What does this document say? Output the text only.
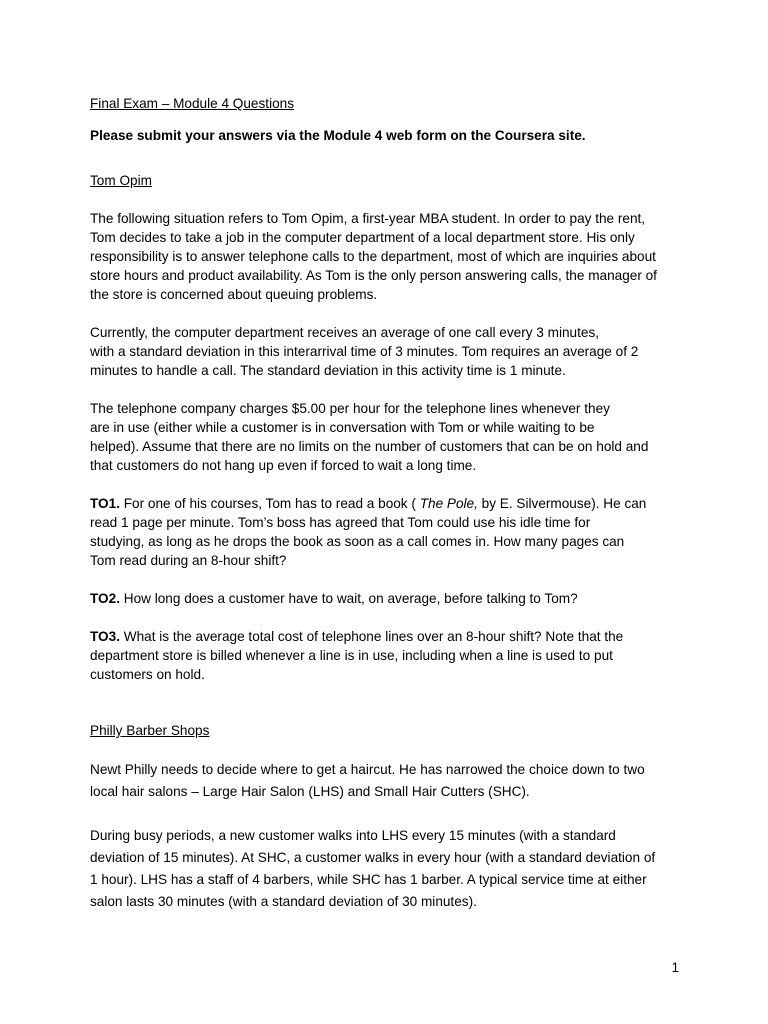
Final Exam – Module 4 Questions
Please submit your answers via the Module 4 web form on the Coursera site.
Tom Opim
The following situation refers to Tom Opim, a first-year MBA student. In order to pay the rent,
Tom decides to take a job in the computer department of a local department store. His only
responsibility is to answer telephone calls to the department, most of which are inquiries about
store hours and product availability. As Tom is the only person answering calls, the manager of
the store is concerned about queuing problems.
Currently, the computer department receives an average of one call every 3 minutes,
with a standard deviation in this interarrival time of 3 minutes. Tom requires an average of 2
minutes to handle a call. The standard deviation in this activity time is 1 minute.
The telephone company charges $5.00 per hour for the telephone lines whenever they
are in use (either while a customer is in conversation with Tom or while waiting to be
helped). Assume that there are no limits on the number of customers that can be on hold and
that customers do not hang up even if forced to wait a long time.
TO1. For one of his courses, Tom has to read a book ( The Pole, by E. Silvermouse). He can
read 1 page per minute. Tom’s boss has agreed that Tom could use his idle time for
studying, as long as he drops the book as soon as a call comes in. How many pages can
Tom read during an 8-hour shift?
TO2. How long does a customer have to wait, on average, before talking to Tom?
TO3. What is the average total cost of telephone lines over an 8-hour shift? Note that the
department store is billed whenever a line is in use, including when a line is used to put
customers on hold.
Philly Barber Shops
Newt Philly needs to decide where to get a haircut. He has narrowed the choice down to two
local hair salons – Large Hair Salon (LHS) and Small Hair Cutters (SHC).
During busy periods, a new customer walks into LHS every 15 minutes (with a standard
deviation of 15 minutes). At SHC, a customer walks in every hour (with a standard deviation of
1 hour). LHS has a staff of 4 barbers, while SHC has 1 barber. A typical service time at either
salon lasts 30 minutes (with a standard deviation of 30 minutes).
1
